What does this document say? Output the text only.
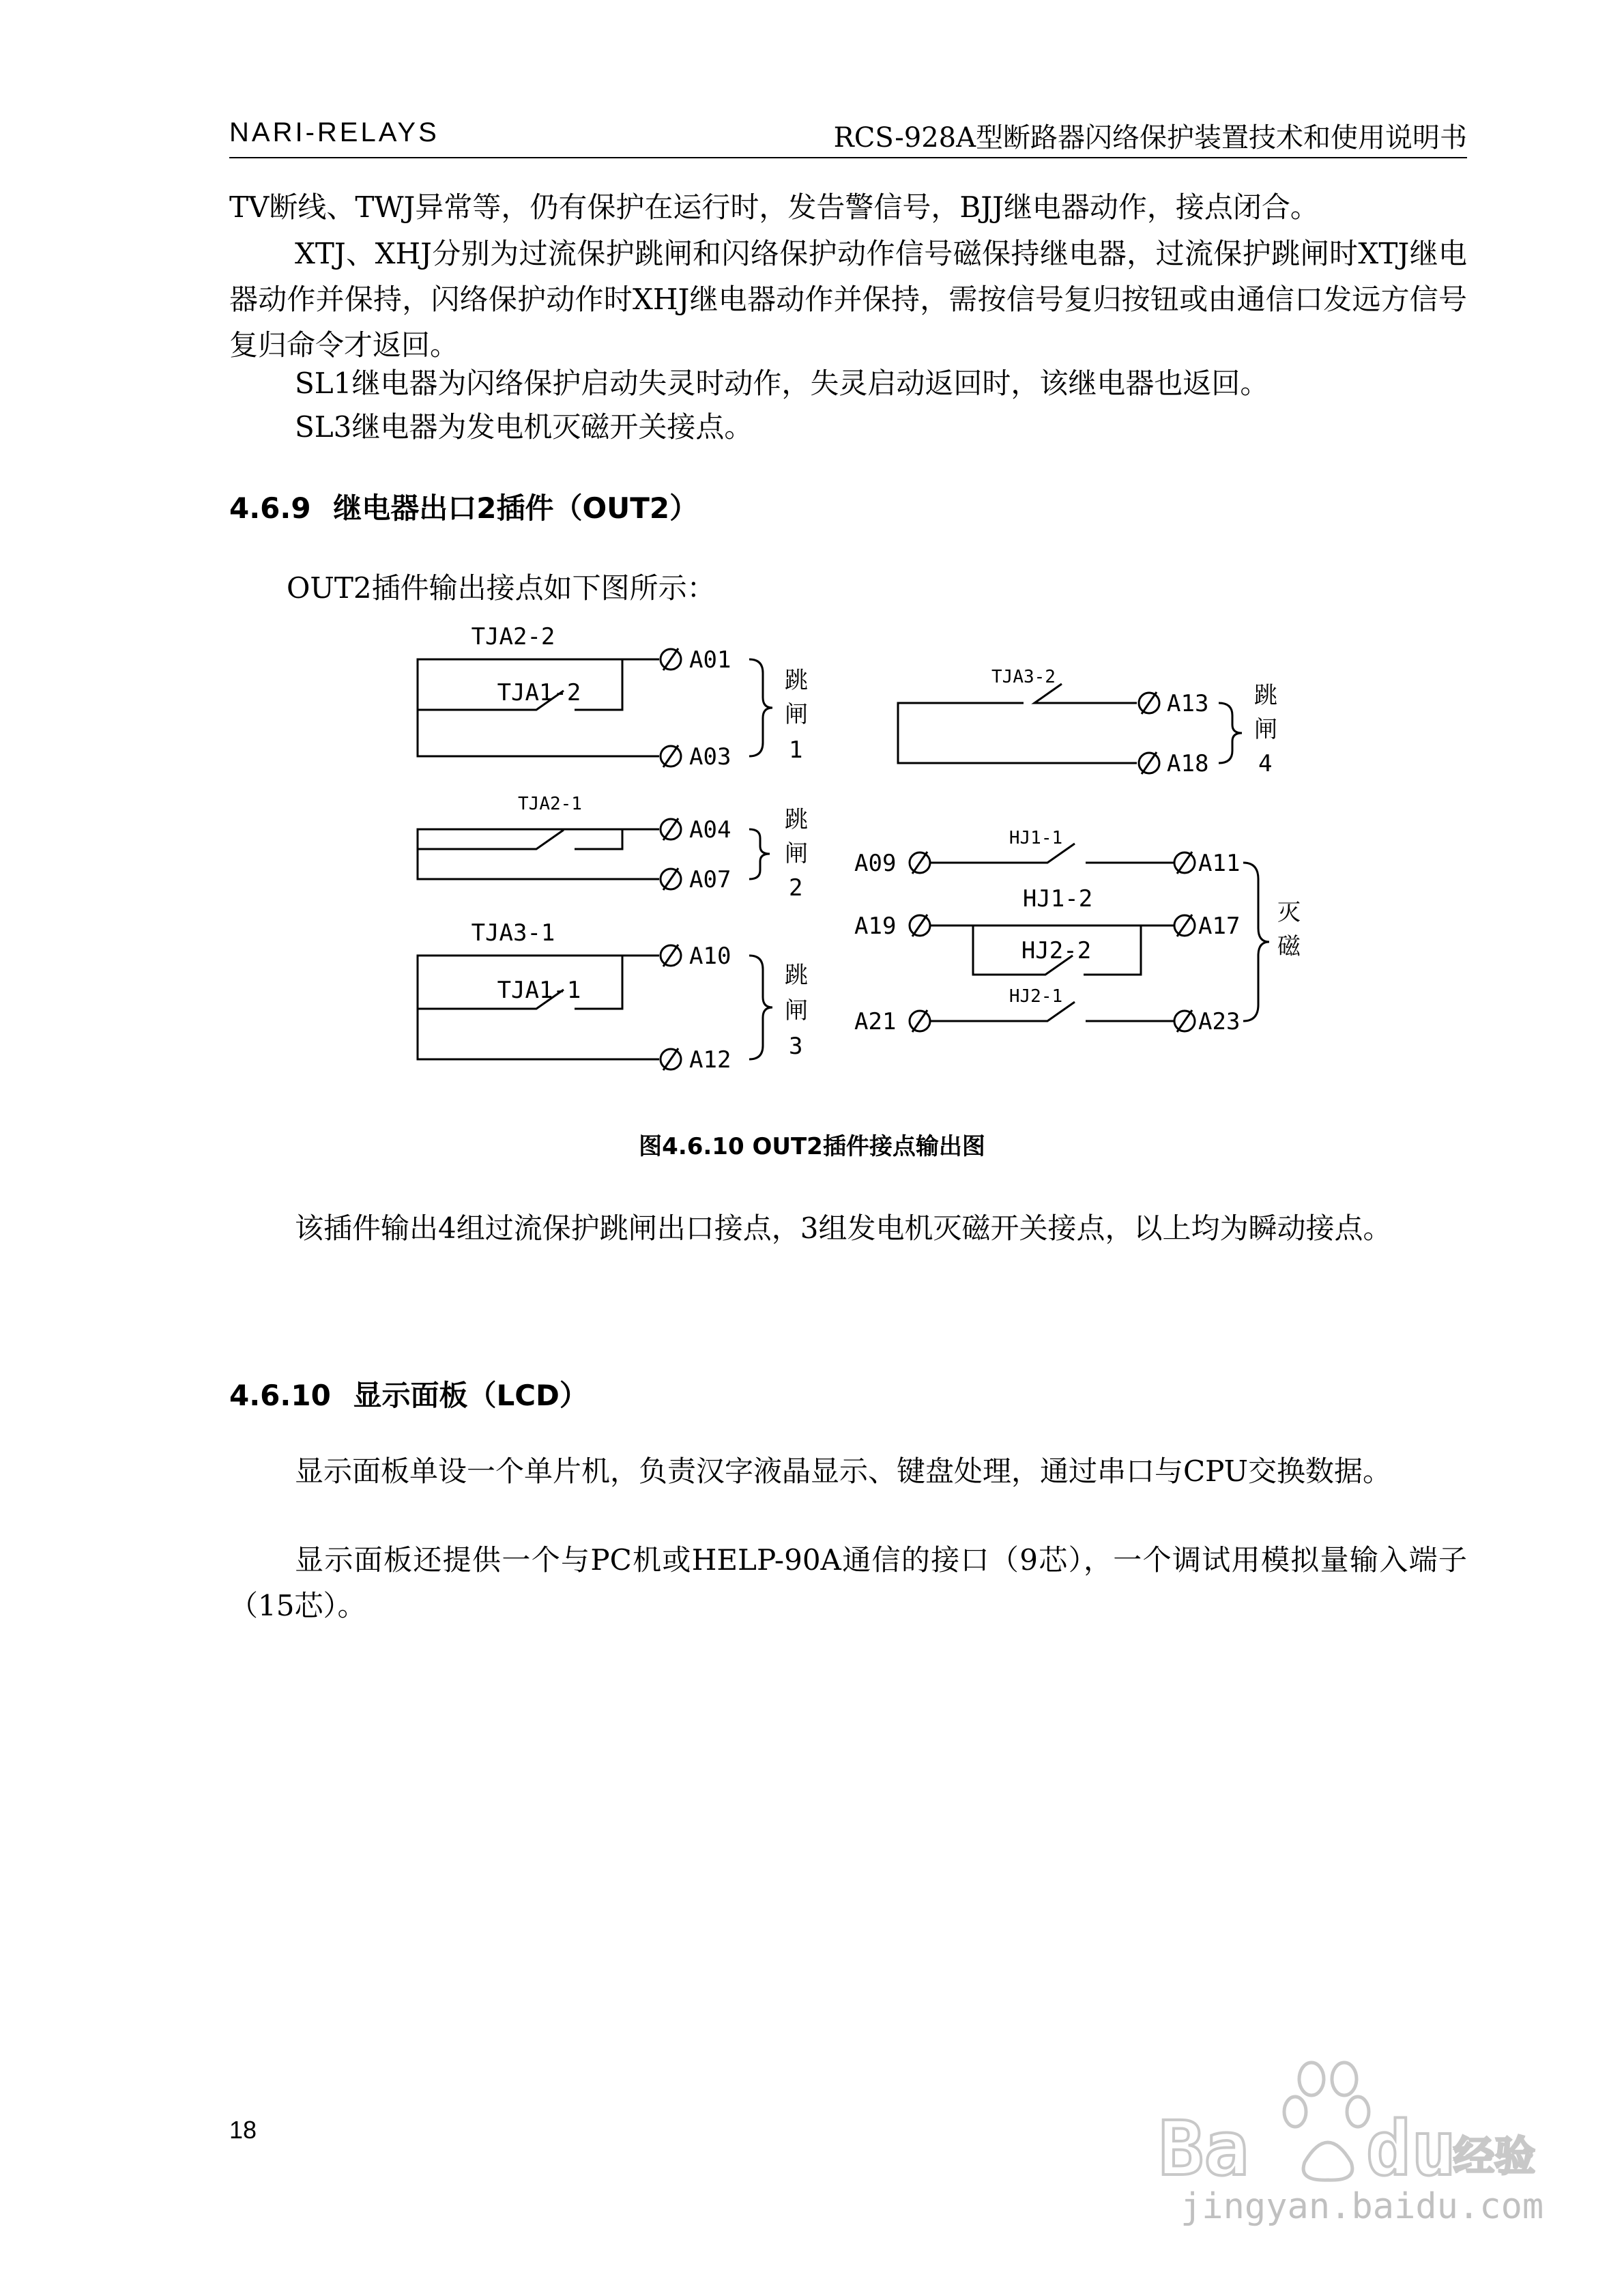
NARI-RELAYS	RCS-928A型断路器闪络保护装置技术和使用说明书

TV断线、TWJ异常等，仍有保护在运行时，发告警信号，BJJ继电器动作，接点闭合。

XTJ、XHJ分别为过流保护跳闸和闪络保护动作信号磁保持继电器，过流保护跳闸时XTJ继电器动作并保持，闪络保护动作时XHJ继电器动作并保持，需按信号复归按钮或由通信口发远方信号复归命令才返回。

SL1继电器为闪络保护启动失灵时动作，失灵启动返回时，该继电器也返回。

SL3继电器为发电机灭磁开关接点。

4.6.9 继电器出口2插件（OUT2）

OUT2插件输出接点如下图所示：

TJA2-2
TJA1-2
A01
A03
跳
闸
1
TJA2-1
A04
A07
跳
闸
2
TJA3-1
TJA1-1
A10
A12
跳
闸
3
TJA3-2
A13
A18
跳
闸
4
A09
HJ1-1
A11
A19
HJ1-2
HJ2-2
A17
A21
HJ2-1
A23
灭
磁

图4.6.10 OUT2插件接点输出图

该插件输出4组过流保护跳闸出口接点，3组发电机灭磁开关接点，以上均为瞬动接点。

4.6.10 显示面板（LCD）

显示面板单设一个单片机，负责汉字液晶显示、键盘处理，通过串口与CPU交换数据。

显示面板还提供一个与PC机或HELP-90A通信的接口（9芯），一个调试用模拟量输入端子（15芯）。

18	Ba du
经验
jingyan.baidu.com
